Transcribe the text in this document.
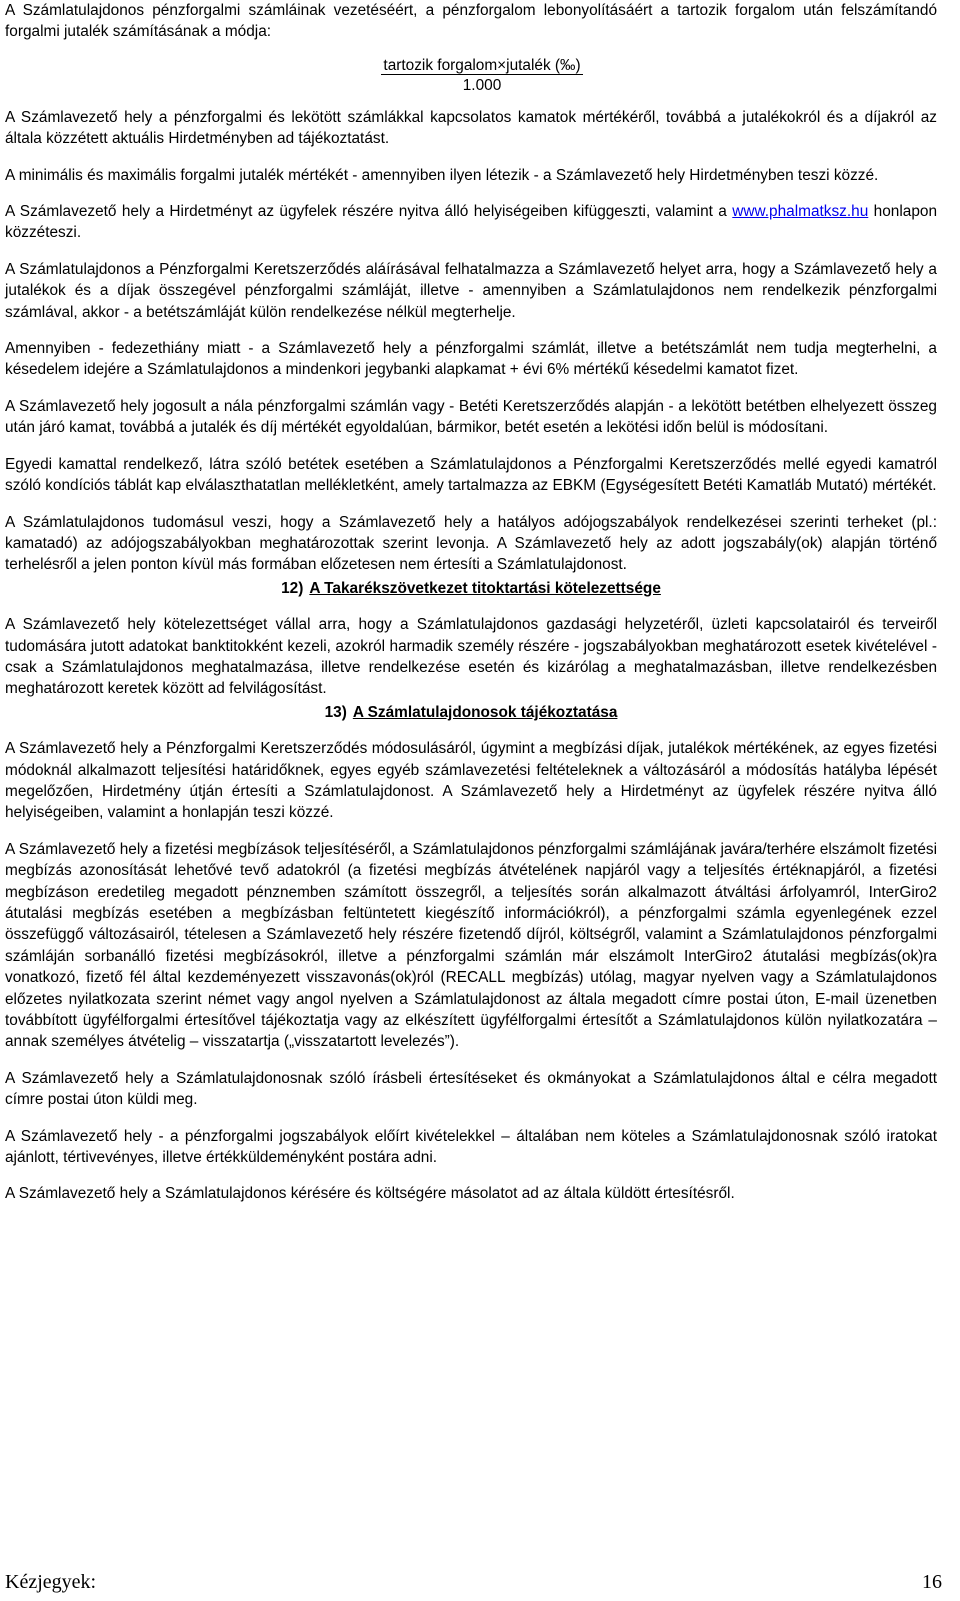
A Számlatulajdonos pénzforgalmi számláinak vezetéséért, a pénzforgalom lebonyolításáért a tartozik forgalom után felszámítandó forgalmi jutalék számításának a módja:

tartozik forgalom×jutalék (‰)
1.000

A Számlavezető hely a pénzforgalmi és lekötött számlákkal kapcsolatos kamatok mértékéről, továbbá a jutalékokról és a díjakról az általa közzétett aktuális Hirdetményben ad tájékoztatást.

A minimális és maximális forgalmi jutalék mértékét - amennyiben ilyen létezik - a Számlavezető hely Hirdetményben teszi közzé.

A Számlavezető hely a Hirdetményt az ügyfelek részére nyitva álló helyiségeiben kifüggeszti, valamint a www.phalmatksz.hu honlapon közzéteszi.

A Számlatulajdonos a Pénzforgalmi Keretszerződés aláírásával felhatalmazza a Számlavezető helyet arra, hogy a Számlavezető hely a jutalékok és a díjak összegével pénzforgalmi számláját, illetve - amennyiben a Számlatulajdonos nem rendelkezik pénzforgalmi számlával, akkor - a betétszámláját külön rendelkezése nélkül megterhelje.

Amennyiben - fedezethiány miatt - a Számlavezető hely a pénzforgalmi számlát, illetve a betétszámlát nem tudja megterhelni, a késedelem idejére a Számlatulajdonos a mindenkori jegybanki alapkamat + évi 6% mértékű késedelmi kamatot fizet.

A Számlavezető hely jogosult a nála pénzforgalmi számlán vagy - Betéti Keretszerződés alapján - a lekötött betétben elhelyezett összeg után járó kamat, továbbá a jutalék és díj mértékét egyoldalúan, bármikor, betét esetén a lekötési időn belül is módosítani.

Egyedi kamattal rendelkező, látra szóló betétek esetében a Számlatulajdonos a Pénzforgalmi Keretszerződés mellé egyedi kamatról szóló kondíciós táblát kap elválaszthatatlan mellékletként, amely tartalmazza az EBKM (Egységesített Betéti Kamatláb Mutató) mértékét.

A Számlatulajdonos tudomásul veszi, hogy a Számlavezető hely a hatályos adójogszabályok rendelkezései szerinti terheket (pl.: kamatadó) az adójogszabályokban meghatározottak szerint levonja. A Számlavezető hely az adott jogszabály(ok) alapján történő terhelésről a jelen ponton kívül más formában előzetesen nem értesíti a Számlatulajdonost.

12) A Takarékszövetkezet titoktartási kötelezettsége

A Számlavezető hely kötelezettséget vállal arra, hogy a Számlatulajdonos gazdasági helyzetéről, üzleti kapcsolatairól és terveiről tudomására jutott adatokat banktitokként kezeli, azokról harmadik személy részére - jogszabályokban meghatározott esetek kivételével - csak a Számlatulajdonos meghatalmazása, illetve rendelkezése esetén és kizárólag a meghatalmazásban, illetve rendelkezésben meghatározott keretek között ad felvilágosítást.

13) A Számlatulajdonosok tájékoztatása

A Számlavezető hely a Pénzforgalmi Keretszerződés módosulásáról, úgymint a megbízási díjak, jutalékok mértékének, az egyes fizetési módoknál alkalmazott teljesítési határidőknek, egyes egyéb számlavezetési feltételeknek a változásáról a módosítás hatályba lépését megelőzően, Hirdetmény útján értesíti a Számlatulajdonost. A Számlavezető hely a Hirdetményt az ügyfelek részére nyitva álló helyiségeiben, valamint a honlapján teszi közzé.

A Számlavezető hely a fizetési megbízások teljesítéséről, a Számlatulajdonos pénzforgalmi számlájának javára/terhére elszámolt fizetési megbízás azonosítását lehetővé tevő adatokról (a fizetési megbízás átvételének napjáról vagy a teljesítés értéknapjáról, a fizetési megbízáson eredetileg megadott pénznemben számított összegről, a teljesítés során alkalmazott átváltási árfolyamról, InterGiro2 átutalási megbízás esetében a megbízásban feltüntetett kiegészítő információkról), a pénzforgalmi számla egyenlegének ezzel összefüggő változásairól, tételesen a Számlavezető hely részére fizetendő díjról, költségről, valamint a Számlatulajdonos pénzforgalmi számláján sorbanálló fizetési megbízásokról, illetve a pénzforgalmi számlán már elszámolt InterGiro2 átutalási megbízás(ok)ra vonatkozó, fizető fél által kezdeményezett visszavonás(ok)ról (RECALL megbízás) utólag, magyar nyelven vagy a Számlatulajdonos előzetes nyilatkozata szerint német vagy angol nyelven a Számlatulajdonost az általa megadott címre postai úton, E-mail üzenetben továbbított ügyfélforgalmi értesítővel tájékoztatja vagy az elkészített ügyfélforgalmi értesítőt a Számlatulajdonos külön nyilatkozatára – annak személyes átvételig – visszatartja („visszatartott levelezés”).

A Számlavezető hely a Számlatulajdonosnak szóló írásbeli értesítéseket és okmányokat a Számlatulajdonos által e célra megadott címre postai úton küldi meg.

A Számlavezető hely - a pénzforgalmi jogszabályok előírt kivételekkel – általában nem köteles a Számlatulajdonosnak szóló iratokat ajánlott, tértivevényes, illetve értékküldeményként postára adni.

A Számlavezető hely a Számlatulajdonos kérésére és költségére másolatot ad az általa küldött értesítésről.

Kézjegyek:	16
